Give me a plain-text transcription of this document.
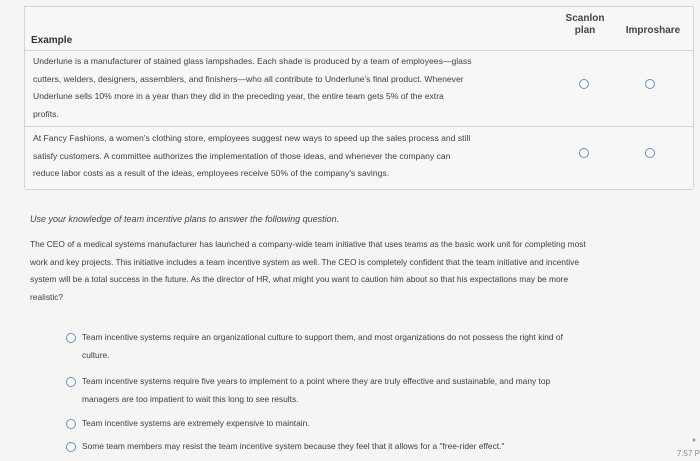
Scanlon
plan	Improshare
Example
Underlune is a manufacturer of stained glass lampshades. Each shade is produced by a team of employees—glass
cutters, welders, designers, assemblers, and finishers—who all contribute to Underlune's final product. Whenever
Underlune sells 10% more in a year than they did in the preceding year, the entire team gets 5% of the extra
profits.
At Fancy Fashions, a women's clothing store, employees suggest new ways to speed up the sales process and still
satisfy customers. A committee authorizes the implementation of those ideas, and whenever the company can
reduce labor costs as a result of the ideas, employees receive 50% of the company's savings.
Use your knowledge of team incentive plans to answer the following question.
The CEO of a medical systems manufacturer has launched a company-wide team initiative that uses teams as the basic work unit for completing most
work and key projects. This initiative includes a team incentive system as well. The CEO is completely confident that the team initiative and incentive
system will be a total success in the future. As the director of HR, what might you want to caution him about so that his expectations may be more
realistic?
Team incentive systems require an organizational culture to support them, and most organizations do not possess the right kind of
culture.
Team incentive systems require five years to implement to a point where they are truly effective and sustainable, and many top
managers are too impatient to wait this long to see results.
Team incentive systems are extremely expensive to maintain.
Some team members may resist the team incentive system because they feel that it allows for a "free-rider effect."
7:57 P
